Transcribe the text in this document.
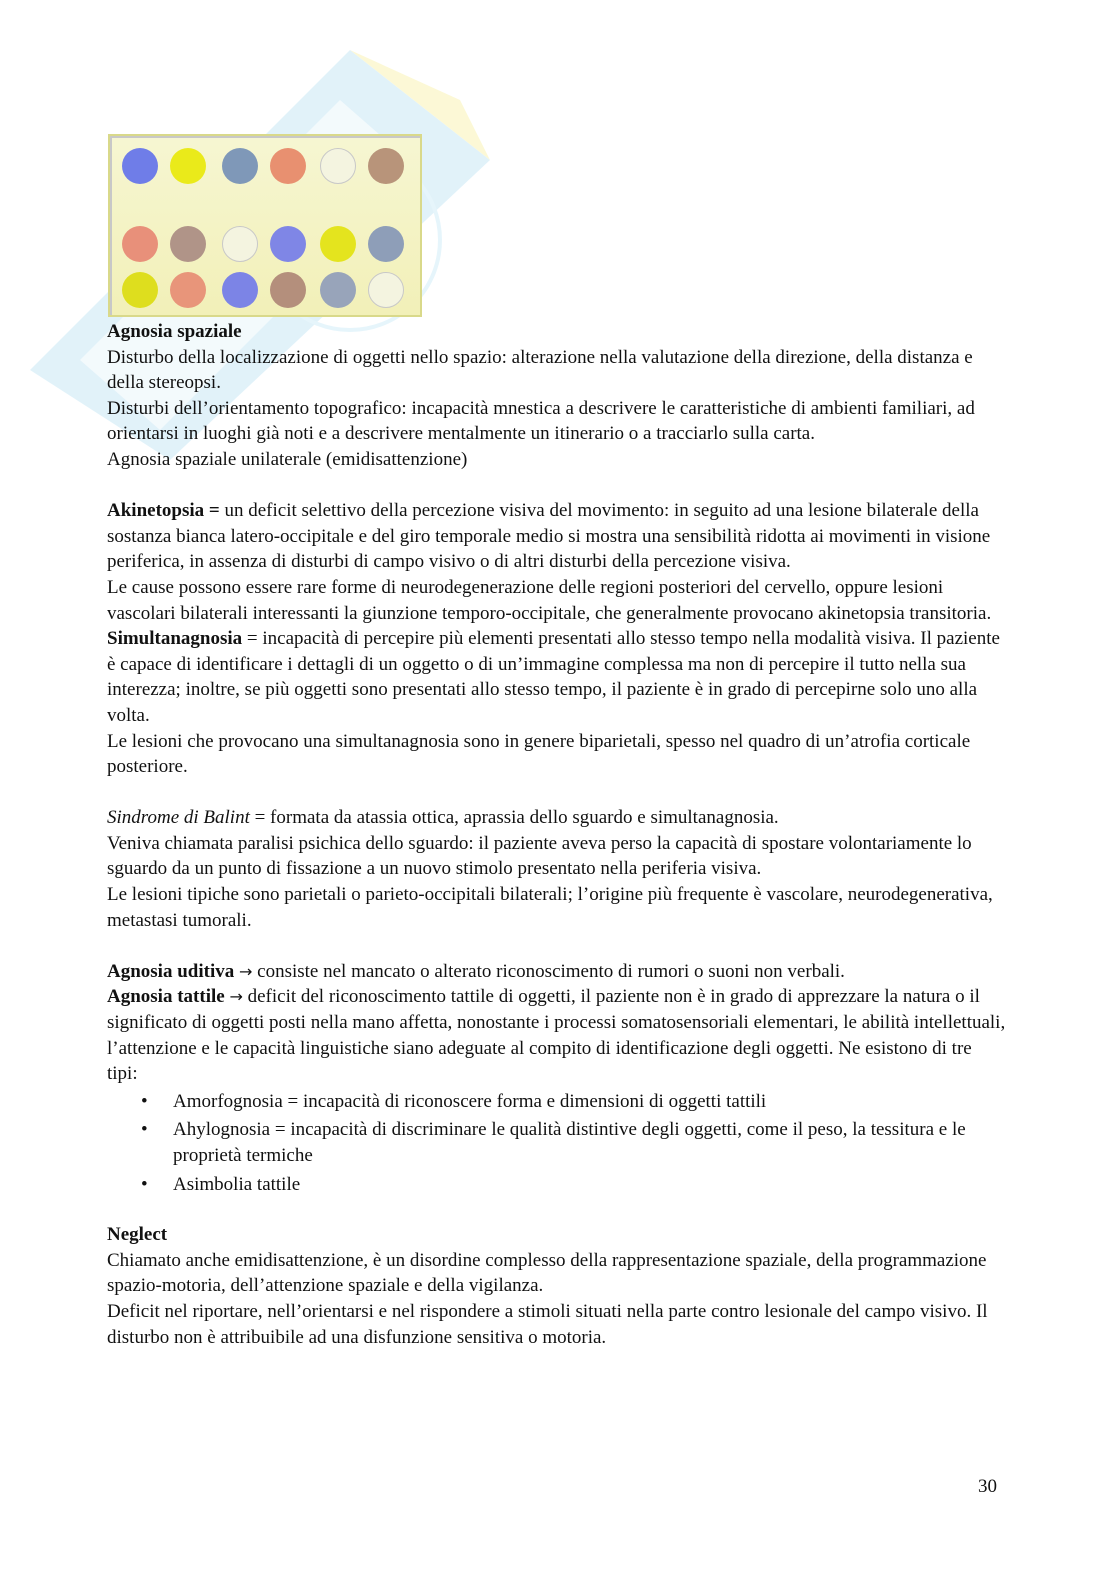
Agnosia spaziale

Disturbo della localizzazione di oggetti nello spazio: alterazione nella valutazione della direzione, della distanza e della stereopsi.

Disturbi dell’orientamento topografico: incapacità mnestica a descrivere le caratteristiche di ambienti familiari, ad orientarsi in luoghi già noti e a descrivere mentalmente un itinerario o a tracciarlo sulla carta.

Agnosia spaziale unilaterale (emidisattenzione)

Akinetopsia = un deficit selettivo della percezione visiva del movimento: in seguito ad una lesione bilaterale della sostanza bianca latero-occipitale e del giro temporale medio si mostra una sensibilità ridotta ai movimenti in visione periferica, in assenza di disturbi di campo visivo o di altri disturbi della percezione visiva.

Le cause possono essere rare forme di neurodegenerazione delle regioni posteriori del cervello, oppure lesioni vascolari bilaterali interessanti la giunzione temporo-occipitale, che generalmente provocano akinetopsia transitoria.

Simultanagnosia = incapacità di percepire più elementi presentati allo stesso tempo nella modalità visiva. Il paziente è capace di identificare i dettagli di un oggetto o di un’immagine complessa ma non di percepire il tutto nella sua interezza; inoltre, se più oggetti sono presentati allo stesso tempo, il paziente è in grado di percepirne solo uno alla volta.

Le lesioni che provocano una simultanagnosia sono in genere biparietali, spesso nel quadro di un’atrofia corticale posteriore.

Sindrome di Balint = formata da atassia ottica, aprassia dello sguardo e simultanagnosia.

Veniva chiamata paralisi psichica dello sguardo: il paziente aveva perso la capacità di spostare volontariamente lo sguardo da un punto di fissazione a un nuovo stimolo presentato nella periferia visiva.

Le lesioni tipiche sono parietali o parieto-occipitali bilaterali; l’origine più frequente è vascolare, neurodegenerativa, metastasi tumorali.

Agnosia uditiva → consiste nel mancato o alterato riconoscimento di rumori o suoni non verbali.

Agnosia tattile → deficit del riconoscimento tattile di oggetti, il paziente non è in grado di apprezzare la natura o il significato di oggetti posti nella mano affetta, nonostante i processi somatosensoriali elementari, le abilità intellettuali, l’attenzione e le capacità linguistiche siano adeguate al compito di identificazione degli oggetti. Ne esistono di tre tipi:

• Amorfognosia = incapacità di riconoscere forma e dimensioni di oggetti tattili
• Ahylognosia = incapacità di discriminare le qualità distintive degli oggetti, come il peso, la tessitura e le proprietà termiche
• Asimbolia tattile

Neglect

Chiamato anche emidisattenzione, è un disordine complesso della rappresentazione spaziale, della programmazione spazio-motoria, dell’attenzione spaziale e della vigilanza.

Deficit nel riportare, nell’orientarsi e nel rispondere a stimoli situati nella parte contro lesionale del campo visivo. Il disturbo non è attribuibile ad una disfunzione sensitiva o motoria.

30
